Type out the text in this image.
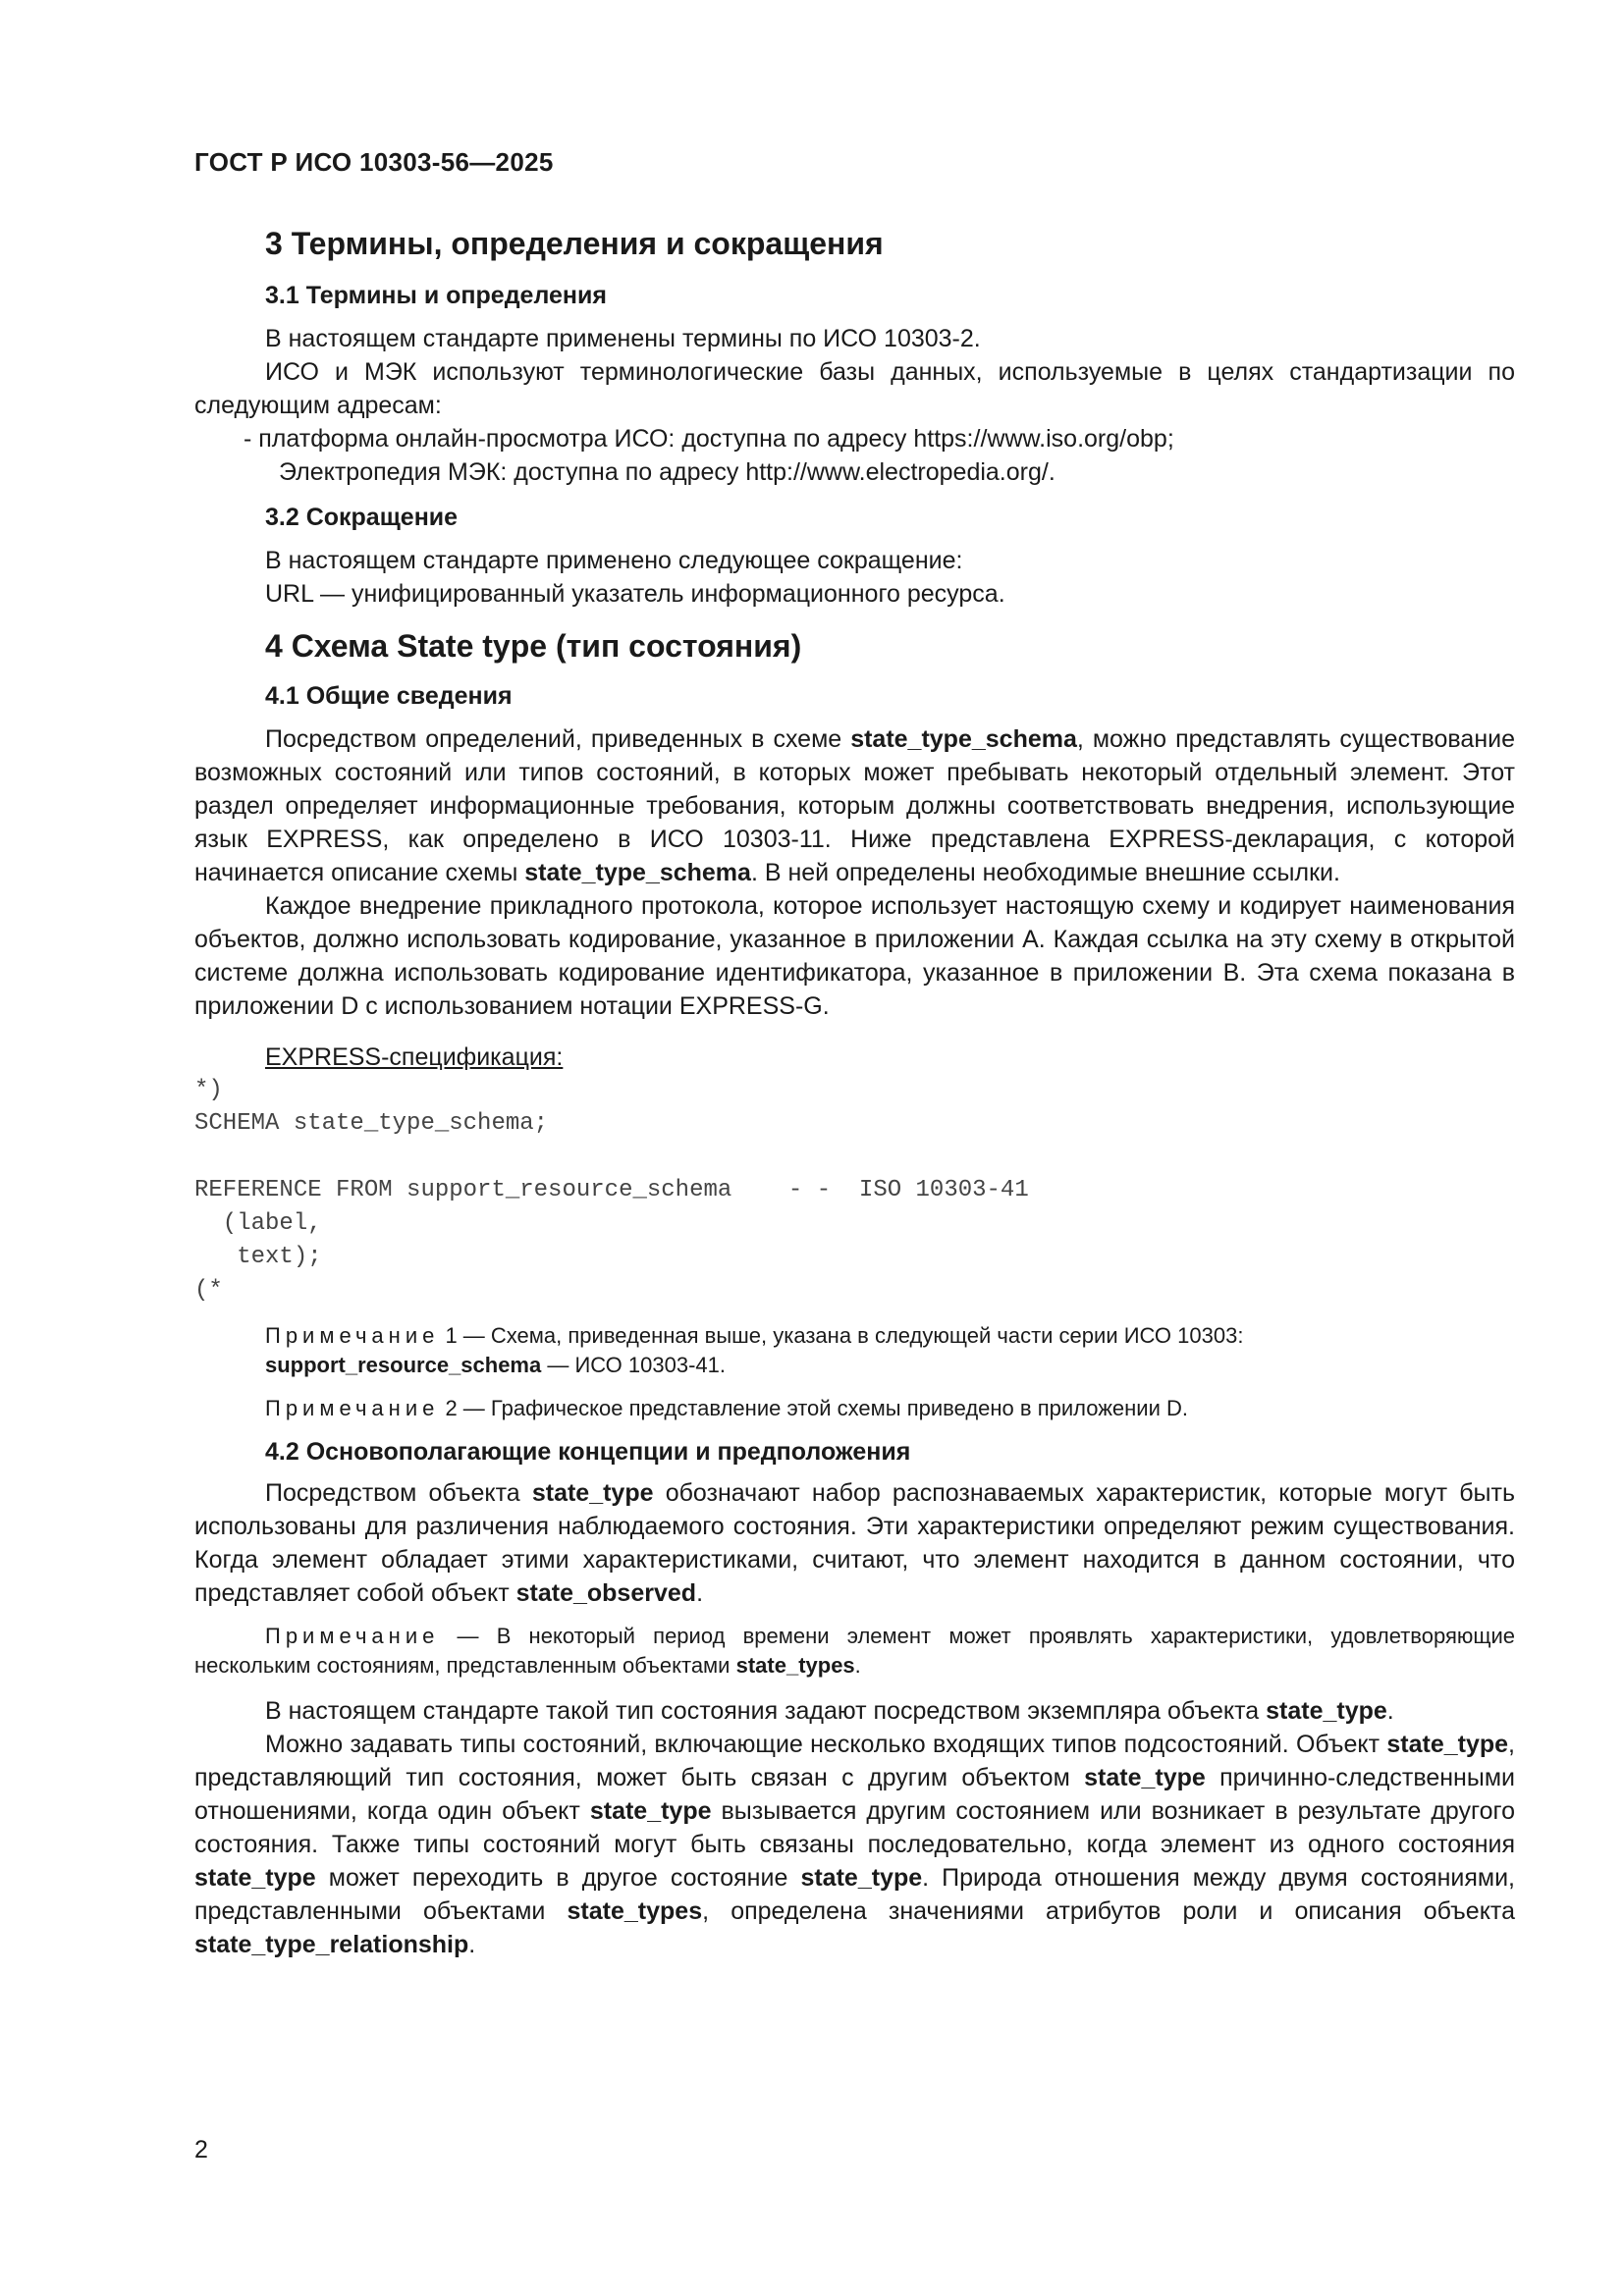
ГОСТ Р ИСО 10303-56—2025
3 Термины, определения и сокращения
3.1 Термины и определения

В настоящем стандарте применены термины по ИСО 10303-2.

ИСО и МЭК используют терминологические базы данных, используемые в целях стандартизации по следующим адресам:

- платформа онлайн-просмотра ИСО: доступна по адресу https://www.iso.org/obp;

Электропедия МЭК: доступна по адресу http://www.electropedia.org/.

3.2 Сокращение

В настоящем стандарте применено следующее сокращение:

URL — унифицированный указатель информационного ресурса.

4 Схема State type (тип состояния)
4.1 Общие сведения

Посредством определений, приведенных в схеме state_type_schema, можно представлять существование возможных состояний или типов состояний, в которых может пребывать некоторый отдельный элемент. Этот раздел определяет информационные требования, которым должны соответствовать внедрения, использующие язык EXPRESS, как определено в ИСО 10303-11. Ниже представлена EXPRESS-декларация, с которой начинается описание схемы state_type_schema. В ней определены необходимые внешние ссылки.

Каждое внедрение прикладного протокола, которое использует настоящую схему и кодирует наименования объектов, должно использовать кодирование, указанное в приложении A. Каждая ссылка на эту схему в открытой системе должна использовать кодирование идентификатора, указанное в приложении B. Эта схема показана в приложении D с использованием нотации EXPRESS-G.

EXPRESS-спецификация:
*)
SCHEMA state_type_schema;

REFERENCE FROM support_resource_schema    - -  ISO 10303-41
(label,
text);
(*

Примечание 1 — Схема, приведенная выше, указана в следующей части серии ИСО 10303:
support_resource_schema — ИСО 10303-41.

Примечание 2 — Графическое представление этой схемы приведено в приложении D.

4.2 Основополагающие концепции и предположения

Посредством объекта state_type обозначают набор распознаваемых характеристик, которые могут быть использованы для различения наблюдаемого состояния. Эти характеристики определяют режим существования. Когда элемент обладает этими характеристиками, считают, что элемент находится в данном состоянии, что представляет собой объект state_observed.

Примечание — В некоторый период времени элемент может проявлять характеристики, удовлетворяющие нескольким состояниям, представленным объектами state_types.

В настоящем стандарте такой тип состояния задают посредством экземпляра объекта state_type.

Можно задавать типы состояний, включающие несколько входящих типов подсостояний. Объект state_type, представляющий тип состояния, может быть связан с другим объектом state_type причинно-следственными отношениями, когда один объект state_type вызывается другим состоянием или возникает в результате другого состояния. Также типы состояний могут быть связаны последовательно, когда элемент из одного состояния state_type может переходить в другое состояние state_type. Природа отношения между двумя состояниями, представленными объектами state_types, определена значениями атрибутов роли и описания объекта state_type_relationship.

2
